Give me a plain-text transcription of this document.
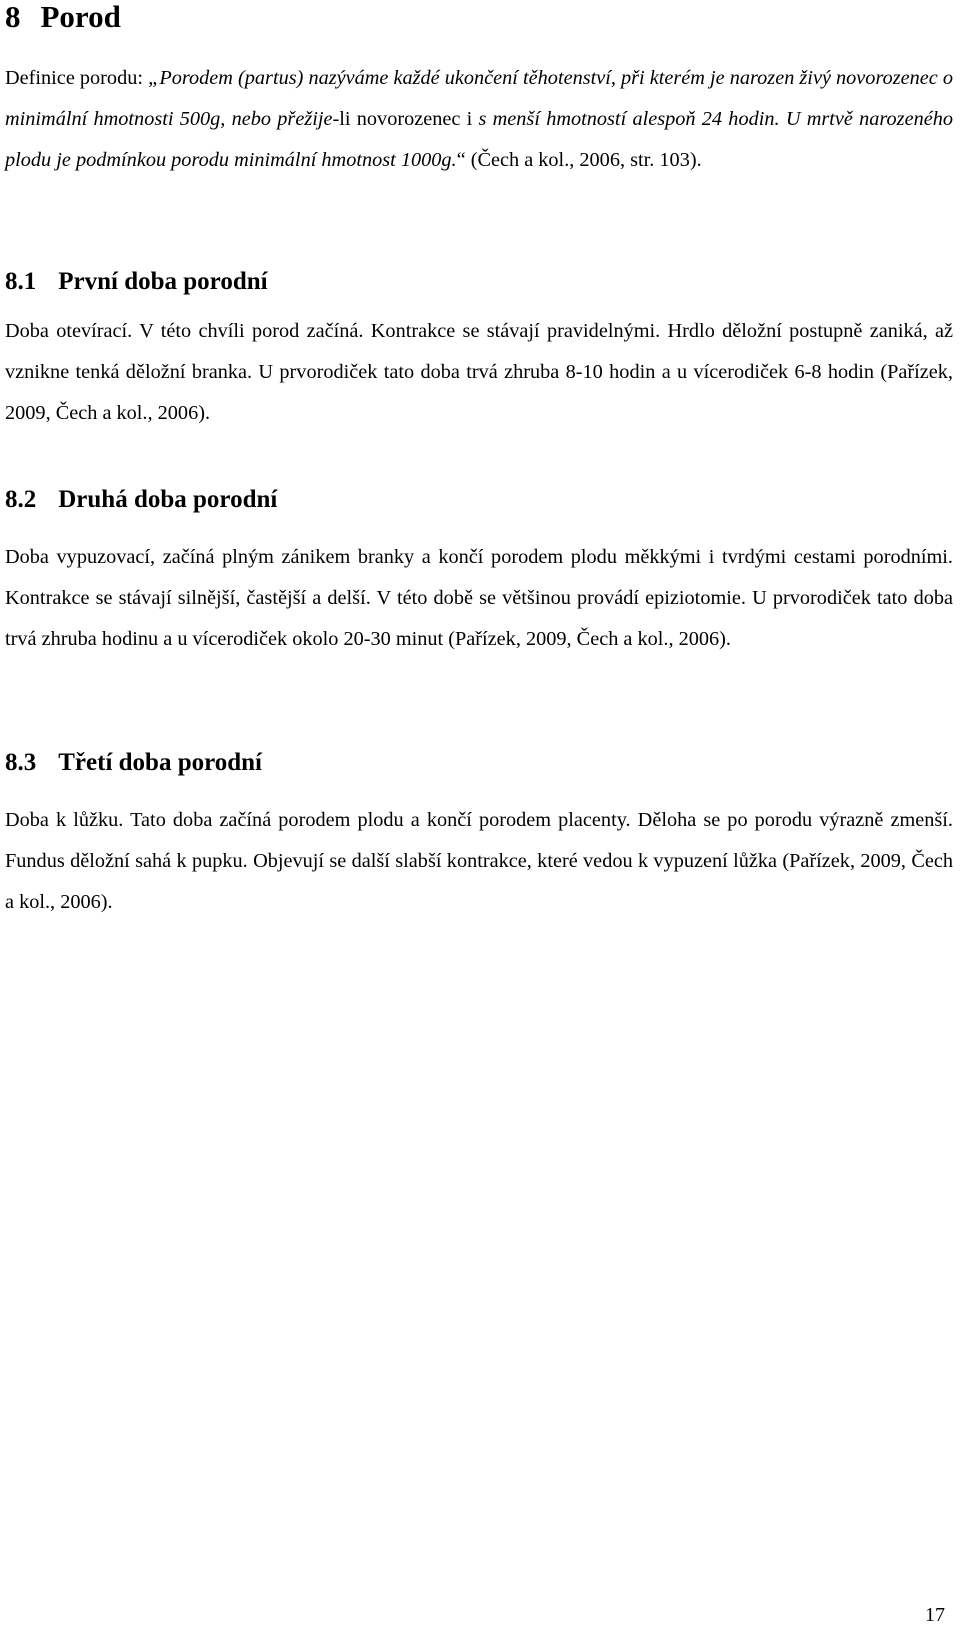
8 Porod

Definice porodu: „Porodem (partus) nazýváme každé ukončení těhotenství, při kterém je narozen živý novorozenec o minimální hmotnosti 500g, nebo přežije-li novorozenec i s menší hmotností alespoň 24 hodin. U mrtvě narozeného plodu je podmínkou porodu minimální hmotnost 1000g.“ (Čech a kol., 2006, str. 103).

8.1 První doba porodní

Doba otevírací. V této chvíli porod začíná. Kontrakce se stávají pravidelnými. Hrdlo děložní postupně zaniká, až vznikne tenká děložní branka. U prvorodiček tato doba trvá zhruba 8-10 hodin a u vícerodiček 6-8 hodin (Pařízek, 2009, Čech a kol., 2006).

8.2 Druhá doba porodní

Doba vypuzovací, začíná plným zánikem branky a končí porodem plodu měkkými i tvrdými cestami porodními. Kontrakce se stávají silnější, častější a delší. V této době se většinou provádí epiziotomie. U prvorodiček tato doba trvá zhruba hodinu a u vícerodiček okolo 20-30 minut (Pařízek, 2009, Čech a kol., 2006).

8.3 Třetí doba porodní

Doba k lůžku. Tato doba začíná porodem plodu a končí porodem placenty. Děloha se po porodu výrazně zmenší. Fundus děložní sahá k pupku. Objevují se další slabší kontrakce, které vedou k vypuzení lůžka (Pařízek, 2009, Čech a kol., 2006).

17
